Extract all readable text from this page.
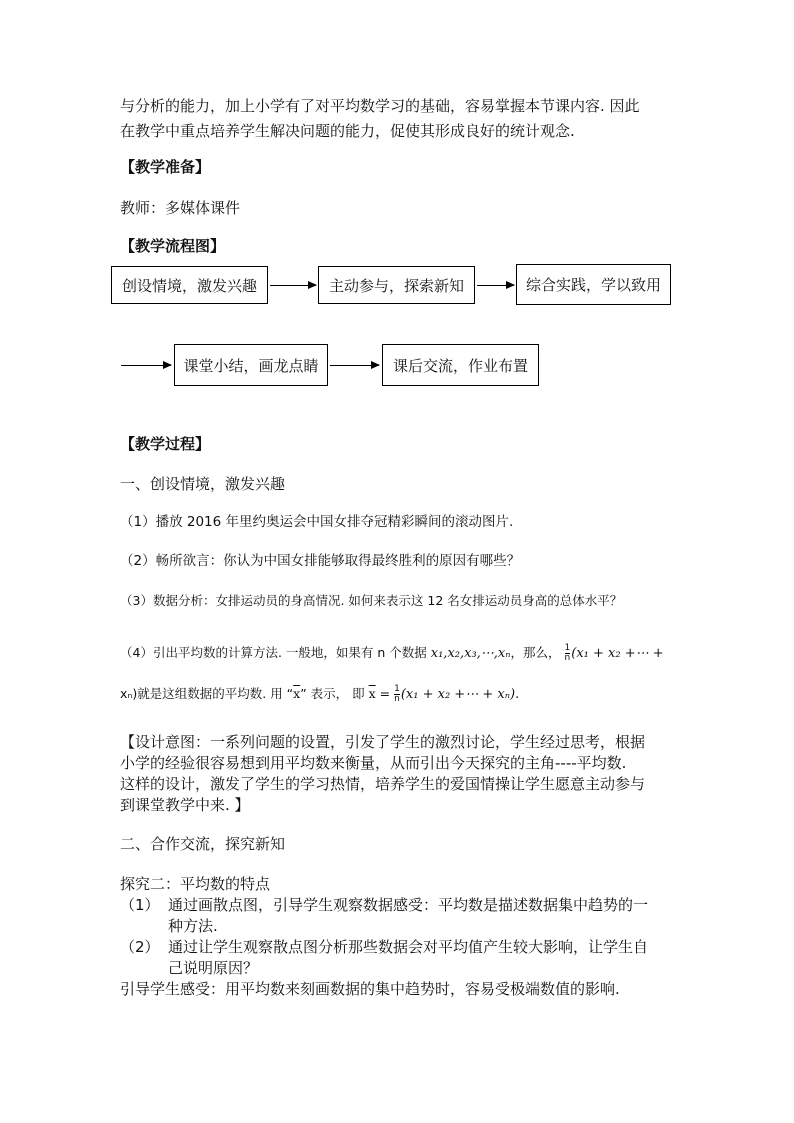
与分析的能力，加上小学有了对平均数学习的基础，容易掌握本节课内容. 因此
在教学中重点培养学生解决问题的能力，促使其形成良好的统计观念.
【教学准备】
教师：多媒体课件
【教学流程图】
创设情境，激发兴趣	主动参与，探索新知	综合实践，学以致用
课堂小结，画龙点睛	课后交流，作业布置
【教学过程】
一、创设情境，激发兴趣
（1）播放 2016 年里约奥运会中国女排夺冠精彩瞬间的滚动图片.
（2）畅所欲言：你认为中国女排能够取得最终胜利的原因有哪些？
（3）数据分析：女排运动员的身高情况. 如何来表示这 12 名女排运动员身高的总体水平？
（4）引出平均数的计算方法. 一般地，如果有 n 个数据 x₁,x₂,x₃,⋯,xₙ，那么， $\frac{1}{n} (x_1 + x_2$ +⋯ +
xₙ)就是这组数据的平均数. 用 “$\overline{x}$” 表示， 即 $\overline{x} = \frac{1}{n} (x_1 + x_2$ +⋯ + xₙ).
【设计意图：一系列问题的设置，引发了学生的激烈讨论，学生经过思考，根据
小学的经验很容易想到用平均数来衡量，从而引出今天探究的主角----平均数.
这样的设计，激发了学生的学习热情，培养学生的爱国情操让学生愿意主动参与
到课堂教学中来. 】
二、合作交流，探究新知
探究二：平均数的特点
（1） 通过画散点图，引导学生观察数据感受：平均数是描述数据集中趋势的一
种方法.
（2） 通过让学生观察散点图分析那些数据会对平均值产生较大影响，让学生自
己说明原因？
引导学生感受：用平均数来刻画数据的集中趋势时，容易受极端数值的影响.
